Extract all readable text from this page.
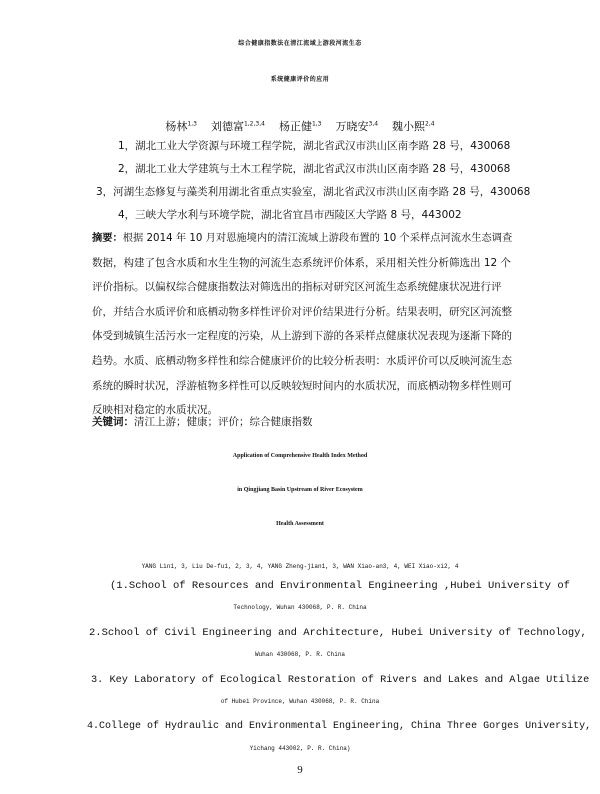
综合健康指数法在清江流域上游段河流生态
系统健康评价的应用
杨林$^{1,3}$ 刘德富$^{1,2,3,4}$ 杨正健$^{1,3}$ 万晓安$^{3,4}$ 魏小熙$^{2,4}$
1，湖北工业大学资源与环境工程学院，湖北省武汉市洪山区南李路 28 号，430068
2，湖北工业大学建筑与土木工程学院，湖北省武汉市洪山区南李路 28 号，430068
3，河湖生态修复与藻类利用湖北省重点实验室，湖北省武汉市洪山区南李路 28 号，430068
4，三峡大学水利与环境学院，湖北省宜昌市西陵区大学路 8 号，443002
摘要：根据 2014 年 10 月对恩施境内的清江流域上游段布置的 10 个采样点河流水生态调查
数据，构建了包含水质和水生生物的河流生态系统评价体系，采用相关性分析筛选出 12 个
评价指标。以偏权综合健康指数法对筛选出的指标对研究区河流生态系统健康状况进行评
价，并结合水质评价和底栖动物多样性评价对评价结果进行分析。结果表明，研究区河流整
体受到城镇生活污水一定程度的污染，从上游到下游的各采样点健康状况表现为逐渐下降的
趋势。水质、底栖动物多样性和综合健康评价的比较分析表明：水质评价可以反映河流生态
系统的瞬时状况，浮游植物多样性可以反映较短时间内的水质状况，而底栖动物多样性则可
反映相对稳定的水质状况。
关键词：清江上游；健康；评价；综合健康指数
Application of Comprehensive Health Index Method
in Qingjiang Basin Upstream of River Ecosystem
Health Assessment
YANG Lin1, 3, Liu De-fu1, 2, 3, 4, YANG Zheng-jian1, 3, WAN Xiao-an3, 4, WEI Xiao-xi2, 4
(1.School of Resources and Environmental Engineering ,Hubei University of
Technology, Wuhan 430068, P. R. China
2.School of Civil Engineering and Architecture, Hubei University of Technology,
Wuhan 430068, P. R. China
3. Key Laboratory of Ecological Restoration of Rivers and Lakes and Algae Utilize
of Hubei Province, Wuhan 430068, P. R. China
4.College of Hydraulic and Environmental Engineering, China Three Gorges University,
Yichang 443002, P. R. China)
9
